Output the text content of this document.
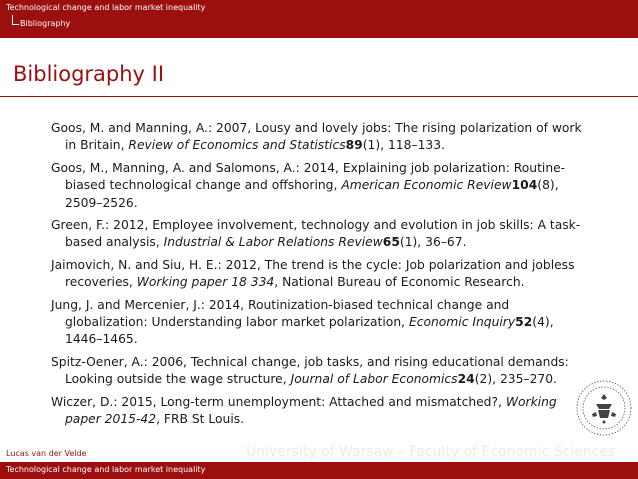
Technological change and labor market inequality
Bibliography
Bibliography II
Goos, M. and Manning, A.: 2007, Lousy and lovely jobs: The rising polarization of work in Britain, Review of Economics and Statistics89(1), 118–133.
Goos, M., Manning, A. and Salomons, A.: 2014, Explaining job polarization: Routine-biased technological change and offshoring, American Economic Review104(8), 2509–2526.
Green, F.: 2012, Employee involvement, technology and evolution in job skills: A task-based analysis, Industrial & Labor Relations Review65(1), 36–67.
Jaimovich, N. and Siu, H. E.: 2012, The trend is the cycle: Job polarization and jobless recoveries, Working paper 18 334, National Bureau of Economic Research.
Jung, J. and Mercenier, J.: 2014, Routinization-biased technical change and globalization: Understanding labor market polarization, Economic Inquiry52(4), 1446–1465.
Spitz-Oener, A.: 2006, Technical change, job tasks, and rising educational demands: Looking outside the wage structure, Journal of Labor Economics24(2), 235–270.
Wiczer, D.: 2015, Long-term unemployment: Attached and mismatched?, Working paper 2015-42, FRB St Louis.
Lucas van der Velde	University of Warsaw – Faculty of Economic Sciences
Technological change and labor market inequality
